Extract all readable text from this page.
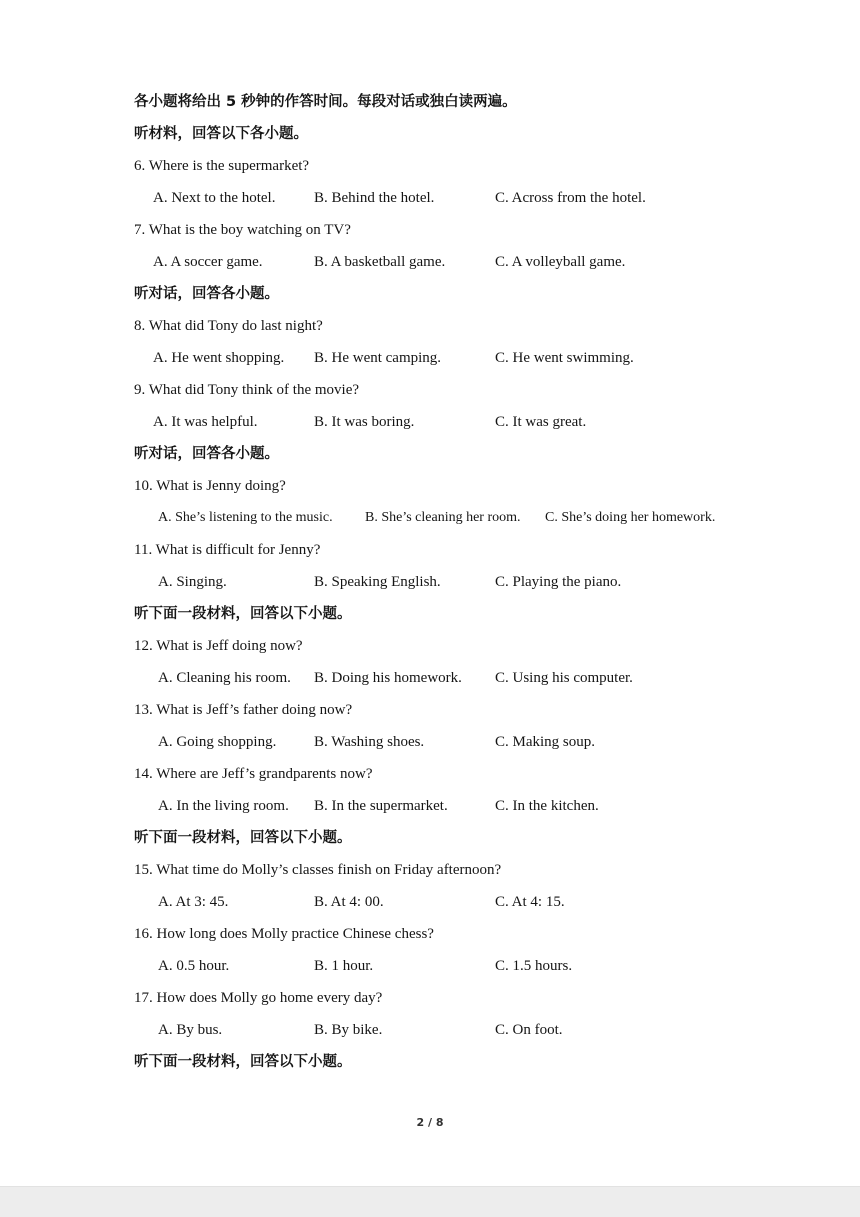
各小题将给出 5 秒钟的作答时间。每段对话或独白读两遍。
听材料，回答以下各小题。
6. Where is the supermarket?
A. Next to the hotel.	B. Behind the hotel.	C. Across from the hotel.
7. What is the boy watching on TV?
A. A soccer game.	B. A basketball game.	C. A volleyball game.
听对话，回答各小题。
8. What did Tony do last night?
A. He went shopping. B. He went camping.	C. He went swimming.
9. What did Tony think of the movie?
A. It was helpful.	B. It was boring.	C. It was great.
听对话，回答各小题。
10. What is Jenny doing?
A. She’s listening to the music. B. She’s cleaning her room. C. She’s doing her homework.
11. What is difficult for Jenny?
A. Singing.	B. Speaking English.	C. Playing the piano.
听下面一段材料，回答以下小题。
12. What is Jeff doing now?
A. Cleaning his room. B. Doing his homework. C. Using his computer.
13. What is Jeff’s father doing now?
A. Going shopping.	B. Washing shoes.	C. Making soup.
14. Where are Jeff’s grandparents now?
A. In the living room. B. In the supermarket.	C. In the kitchen.
听下面一段材料，回答以下小题。
15. What time do Molly’s classes finish on Friday afternoon?
A. At 3: 45.	B. At 4: 00.	C. At 4: 15.
16. How long does Molly practice Chinese chess?
A. 0.5 hour.	B. 1 hour.	C. 1.5 hours.
17. How does Molly go home every day?
A. By bus.	B. By bike.	C. On foot.
听下面一段材料，回答以下小题。
2 / 8
